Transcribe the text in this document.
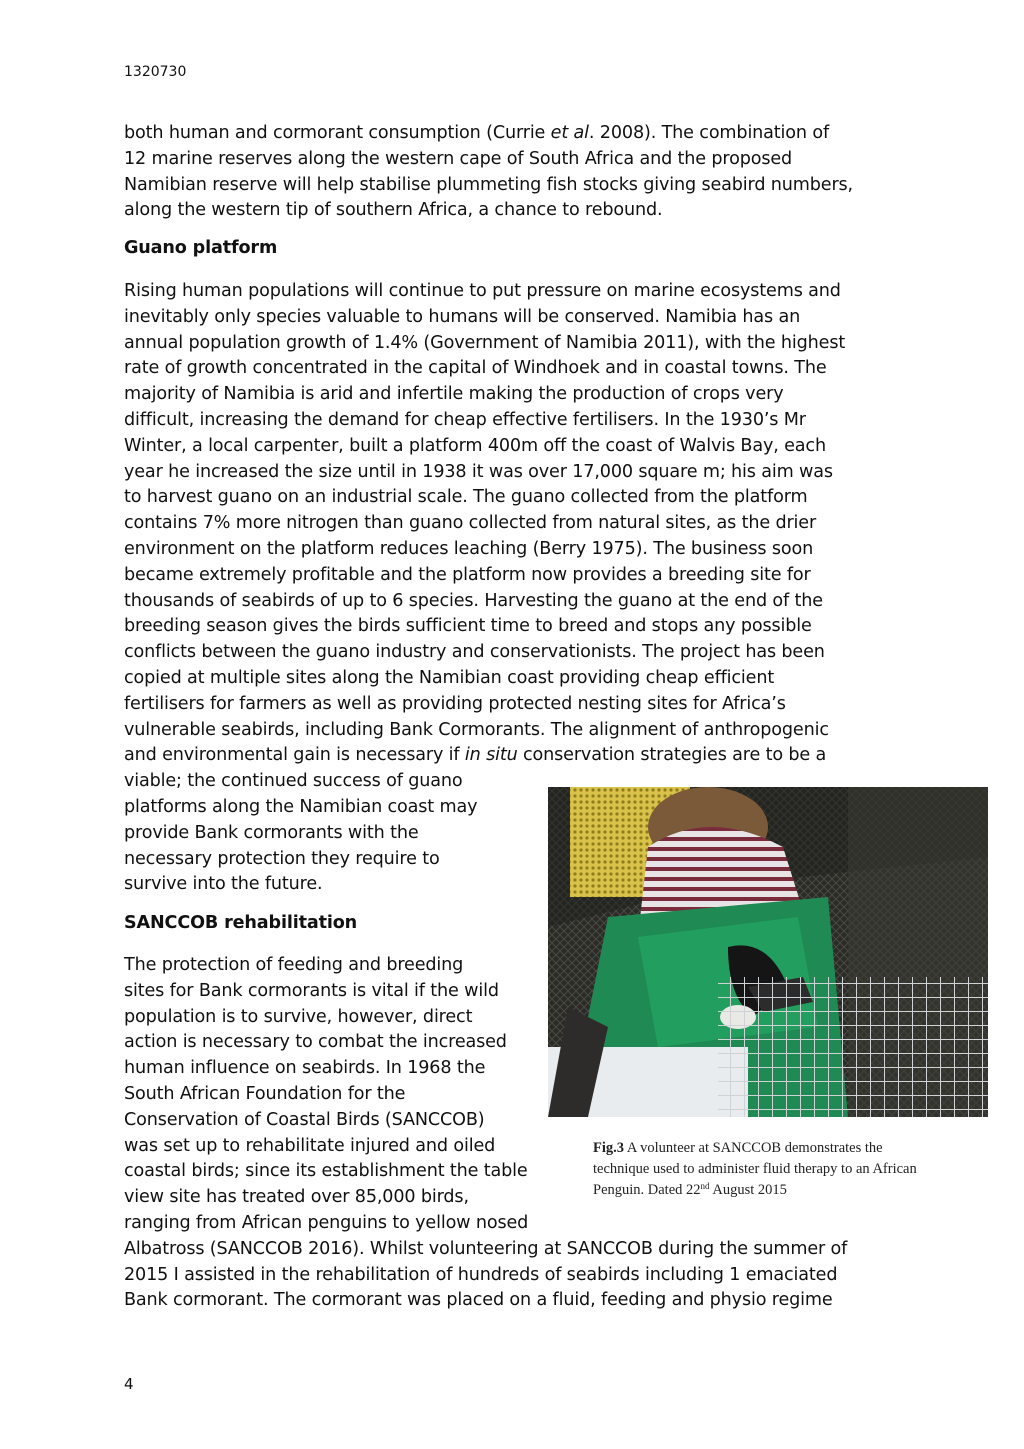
1320730

both human and cormorant consumption (Currie et al. 2008). The combination of

12 marine reserves along the western cape of South Africa and the proposed

Namibian reserve will help stabilise plummeting fish stocks giving seabird numbers,

along the western tip of southern Africa, a chance to rebound.

Guano platform

Rising human populations will continue to put pressure on marine ecosystems and

inevitably only species valuable to humans will be conserved. Namibia has an

annual population growth of 1.4% (Government of Namibia 2011), with the highest

rate of growth concentrated in the capital of Windhoek and in coastal towns. The

majority of Namibia is arid and infertile making the production of crops very

difficult, increasing the demand for cheap effective fertilisers. In the 1930’s Mr

Winter, a local carpenter, built a platform 400m off the coast of Walvis Bay, each

year he increased the size until in 1938 it was over 17,000 square m; his aim was

to harvest guano on an industrial scale. The guano collected from the platform

contains 7% more nitrogen than guano collected from natural sites, as the drier

environment on the platform reduces leaching (Berry 1975). The business soon

became extremely profitable and the platform now provides a breeding site for

thousands of seabirds of up to 6 species. Harvesting the guano at the end of the

breeding season gives the birds sufficient time to breed and stops any possible

conflicts between the guano industry and conservationists. The project has been

copied at multiple sites along the Namibian coast providing cheap efficient

fertilisers for farmers as well as providing protected nesting sites for Africa’s

vulnerable seabirds, including Bank Cormorants. The alignment of anthropogenic

and environmental gain is necessary if in situ conservation strategies are to be a

viable; the continued success of guano

platforms along the Namibian coast may

provide Bank cormorants with the

necessary protection they require to

survive into the future.

SANCCOB rehabilitation

The protection of feeding and breeding

sites for Bank cormorants is vital if the wild

population is to survive, however, direct

action is necessary to combat the increased

human influence on seabirds. In 1968 the

South African Foundation for the

Conservation of Coastal Birds (SANCCOB)

was set up to rehabilitate injured and oiled

coastal birds; since its establishment the table

view site has treated over 85,000 birds,

ranging from African penguins to yellow nosed

Albatross (SANCCOB 2016). Whilst volunteering at SANCCOB during the summer of

2015 I assisted in the rehabilitation of hundreds of seabirds including 1 emaciated

Bank cormorant. The cormorant was placed on a fluid, feeding and physio regime

Fig.3 A volunteer at SANCCOB demonstrates the technique used to administer fluid therapy to an African Penguin. Dated 22nd August 2015
4
